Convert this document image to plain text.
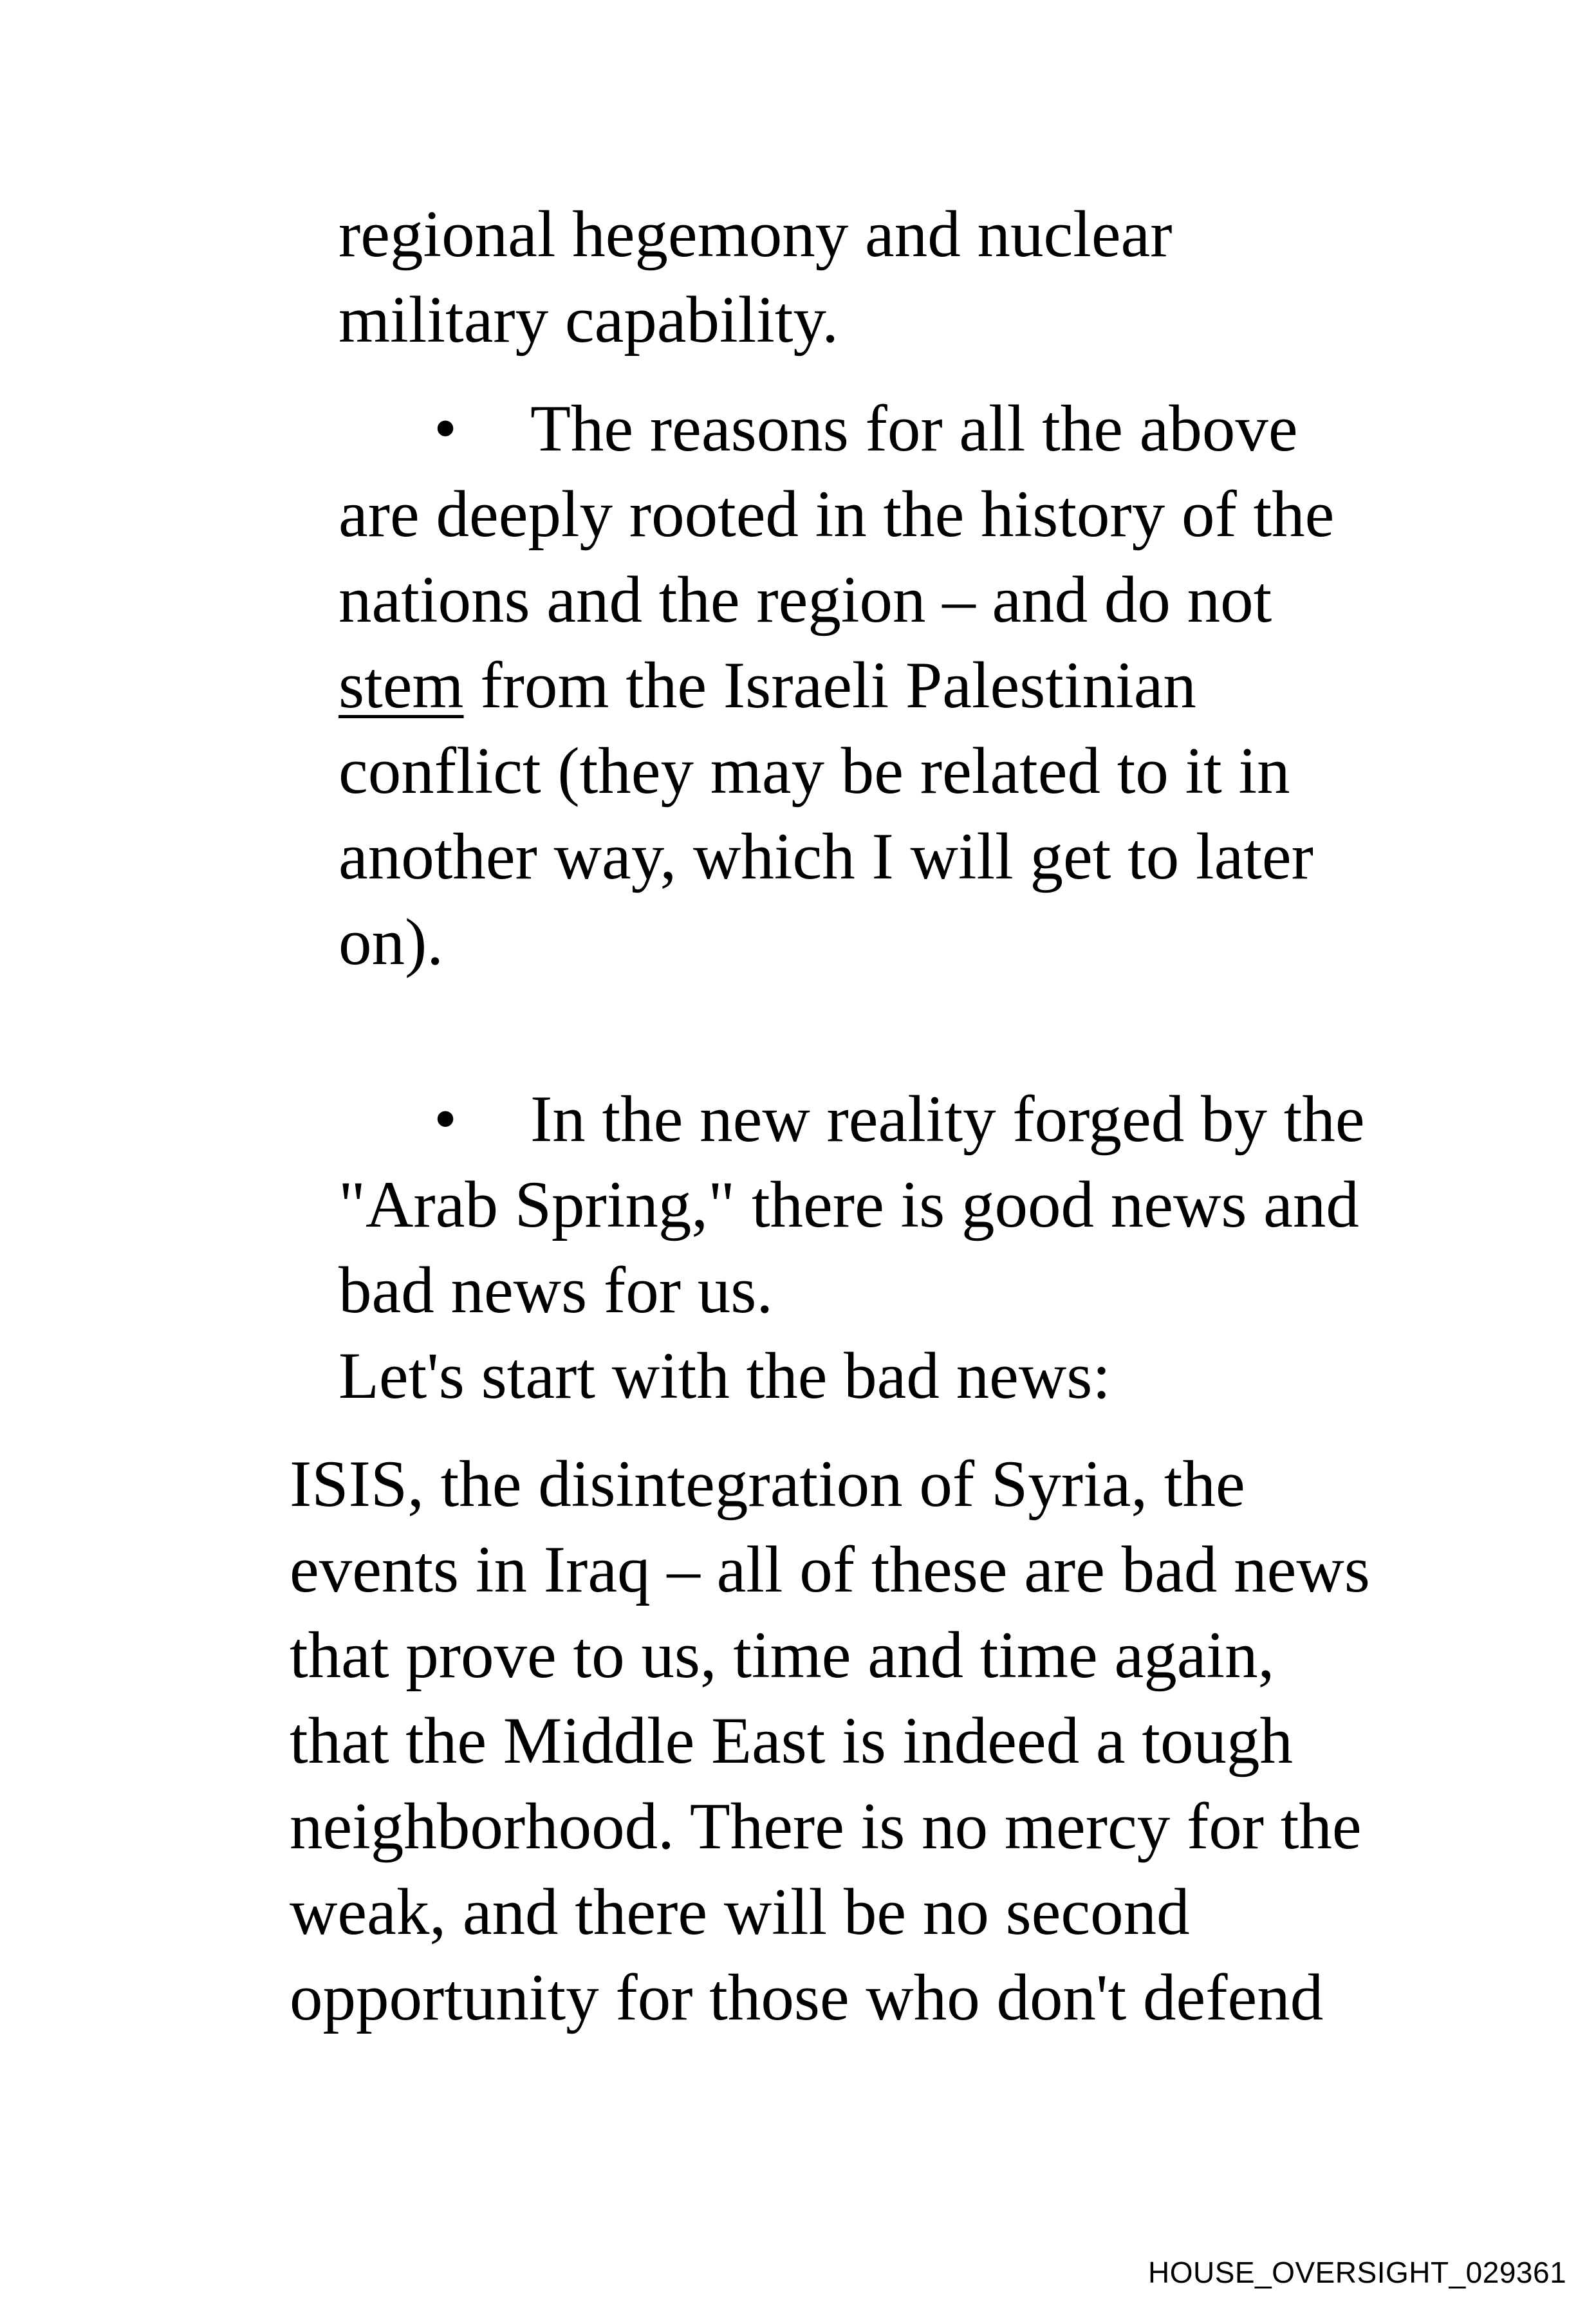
regional hegemony and nuclear
military capability.
• The reasons for all the above
are deeply rooted in the history of the
nations and the region – and do not
stem from the Israeli Palestinian
conflict (they may be related to it in
another way, which I will get to later
on).
• In the new reality forged by the
"Arab Spring," there is good news and
bad news for us.
Let's start with the bad news:
ISIS, the disintegration of Syria, the
events in Iraq – all of these are bad news
that prove to us, time and time again,
that the Middle East is indeed a tough
neighborhood. There is no mercy for the
weak, and there will be no second
opportunity for those who don't defend
HOUSE_OVERSIGHT_029361
